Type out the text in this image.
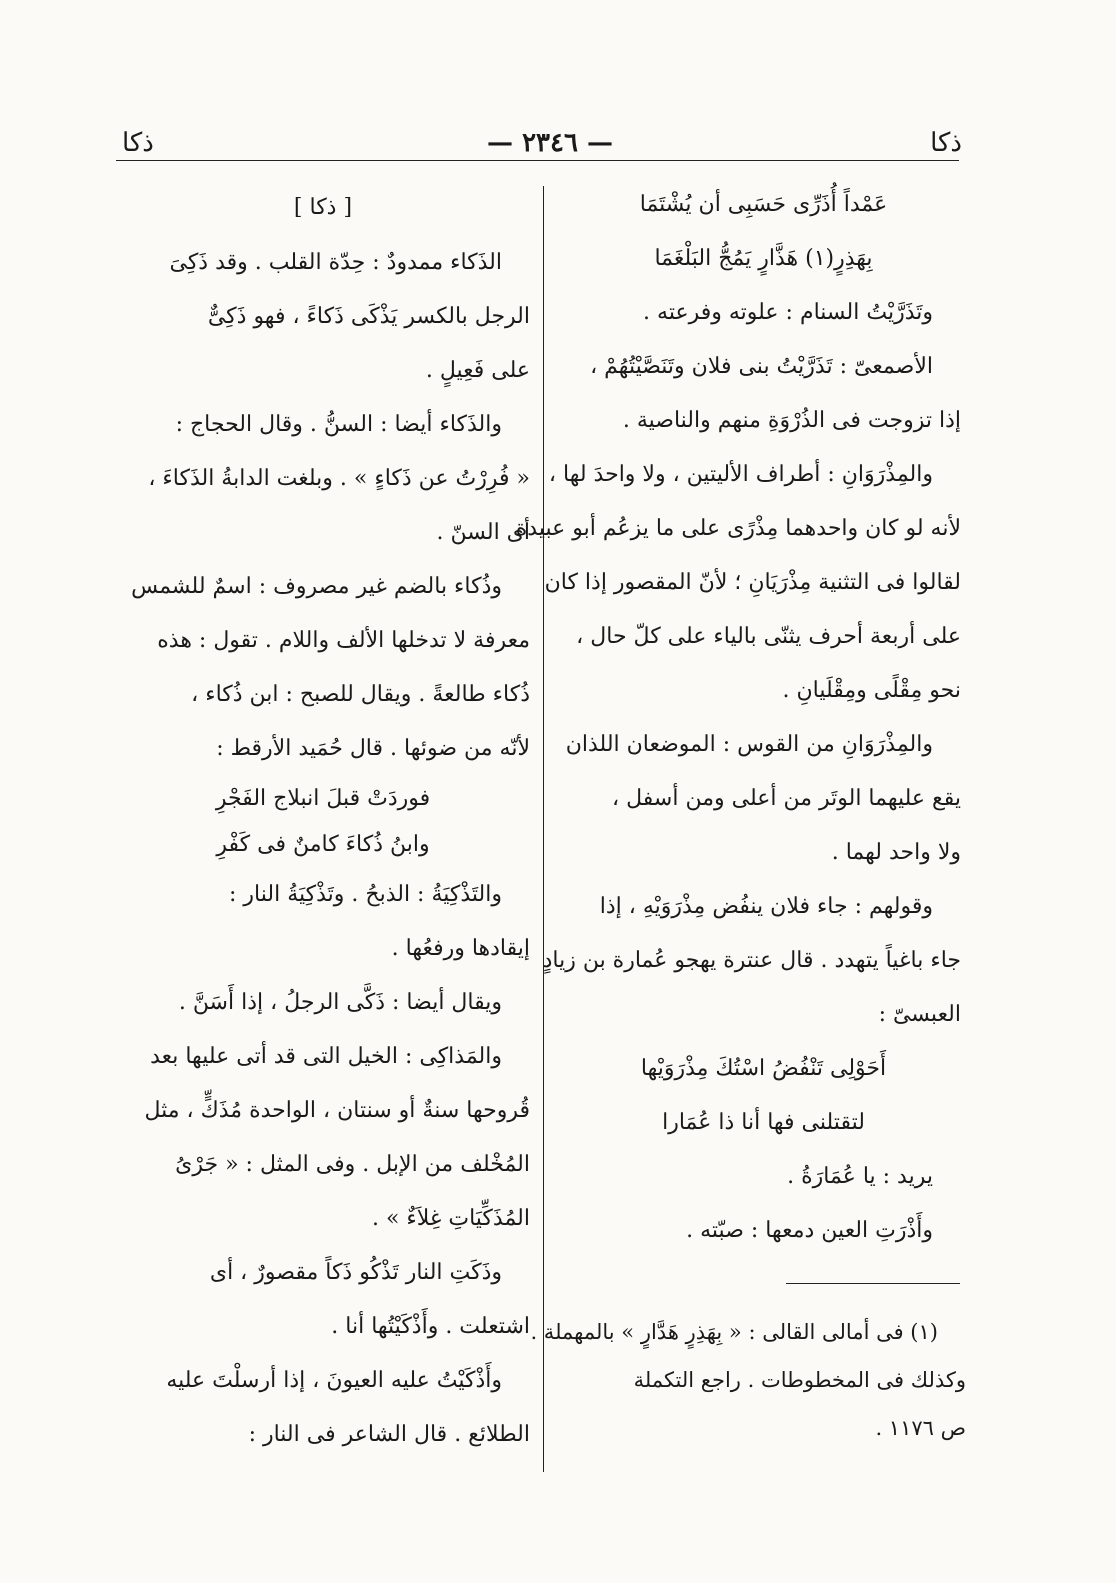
ذكا
— ٢٣٤٦ —
ذكا
عَمْداً أُذَرِّى حَسَبِى أن يُشْتَمَا
بِهَذِرٍ(١) هَذَّارٍ يَمُجُّ البَلْغَمَا
وتَذَرَّيْتُ السنام : علوته وفرعته .
الأصمعىّ : تَذَرَّيْتُ بنى فلان وتَنَصَّيْتُهُمْ ،
إذا تزوجت فى الذُرْوَةِ منهم والناصية .
والمِذْرَوَانِ : أطراف الأليتين ، ولا واحدَ لها ،
لأنه لو كان واحدهما مِذْرًى على ما يزعُم أبو عبيدة
لقالوا فى التثنية مِذْرَيَانِ ؛ لأنّ المقصور إذا كان
على أربعة أحرف يثنّى بالياء على كلّ حال ،
نحو مِقْلًى ومِقْلَيانِ .
والمِذْرَوَانِ من القوس : الموضعان اللذان
يقع عليهما الوتَر من أعلى ومن أسفل ،
ولا واحد لهما .
وقولهم : جاء فلان ينفُض مِذْرَوَيْهِ ، إذا
جاء باغياً يتهدد . قال عنترة يهجو عُمارة بن زيادٍ
العبسىّ :
أَحَوْلِى تَنْفُضُ اسْتُكَ مِذْرَوَيْها
لتقتلنى فها أنا ذا عُمَارا
يريد : يا عُمَارَةُ .
وأَذْرَتِ العين دمعها : صبّته .
(١) فى أمالى القالى : « بِهَذِرٍ هَدَّارٍ » بالمهملة .
وكذلك فى المخطوطات . راجع التكملة
ص ١١٧٦ .
[ ذكا ]
الذَكاء ممدودٌ : حِدّة القلب . وقد ذَكِىَ
الرجل بالكسر يَذْكَى ذَكاءً ، فهو ذَكِىٌّ
على فَعِيلٍ .
والذَكاء أيضا : السنُّ . وقال الحجاج :
« فُرِرْتُ عن ذَكاءٍ » . وبلغت الدابةُ الذَكاءَ ،
أى السنّ .
وذُكاء بالضم غير مصروف : اسمٌ للشمس
معرفة لا تدخلها الألف واللام . تقول : هذه
ذُكاء طالعةً . ويقال للصبح : ابن ذُكاء ،
لأنّه من ضوئها . قال حُمَيد الأرقط :
فوردَتْ قبلَ انبلاج الفَجْرِ
وابنُ ذُكاءَ كامنٌ فى كَفْرِ
والتَذْكِيَةُ : الذبحُ . وتَذْكِيَةُ النار :
إيقادها ورفعُها .
ويقال أيضا : ذَكَّى الرجلُ ، إذا أَسَنَّ .
والمَذاكِى : الخيل التى قد أتى عليها بعد
قُروحها سنةٌ أو سنتان ، الواحدة مُذَكٍّ ، مثل
المُخْلف من الإبل . وفى المثل : « جَرْىُ
المُذَكِّيَاتِ غِلاَءٌ » .
وذَكَتِ النار تَذْكُو ذَكاً مقصورٌ ، أى
اشتعلت . وأَذْكَيْتُها أنا .
وأَذْكَيْتُ عليه العيونَ ، إذا أرسلْتَ عليه
الطلائع . قال الشاعر فى النار :
